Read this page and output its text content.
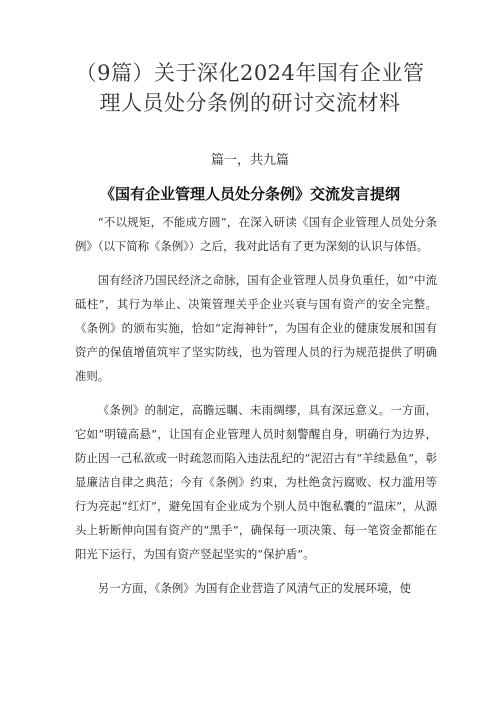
（9篇）关于深化2024年国有企业管理人员处分条例的研讨交流材料
篇一，共九篇
《国有企业管理人员处分条例》交流发言提纲

“不以规矩，不能成方圆”，在深入研读《国有企业管理人员处分条例》（以下简称《条例》）之后，我对此话有了更为深刻的认识与体悟。

国有经济乃国民经济之命脉，国有企业管理人员身负重任，如“中流砥柱”，其行为举止、决策管理关乎企业兴衰与国有资产的安全完整。《条例》的颁布实施，恰如“定海神针”，为国有企业的健康发展和国有资产的保值增值筑牢了坚实防线，也为管理人员的行为规范提供了明确准则。

《条例》的制定，高瞻远瞩、未雨绸缪，具有深远意义。一方面，它如“明镜高悬”，让国有企业管理人员时刻警醒自身，明确行为边界，防止因一己私欲或一时疏忽而陷入违法乱纪的“泥沼古有“羊续悬鱼”，彰显廉洁自律之典范；今有《条例》约束，为杜绝贪污腐败、权力滥用等行为亮起“红灯”，避免国有企业成为个别人员中饱私囊的“温床”，从源头上斩断伸向国有资产的“黑手”，确保每一项决策、每一笔资金都能在阳光下运行，为国有资产竖起坚实的“保护盾”。

另一方面，《条例》为国有企业营造了风清气正的发展环境，使
